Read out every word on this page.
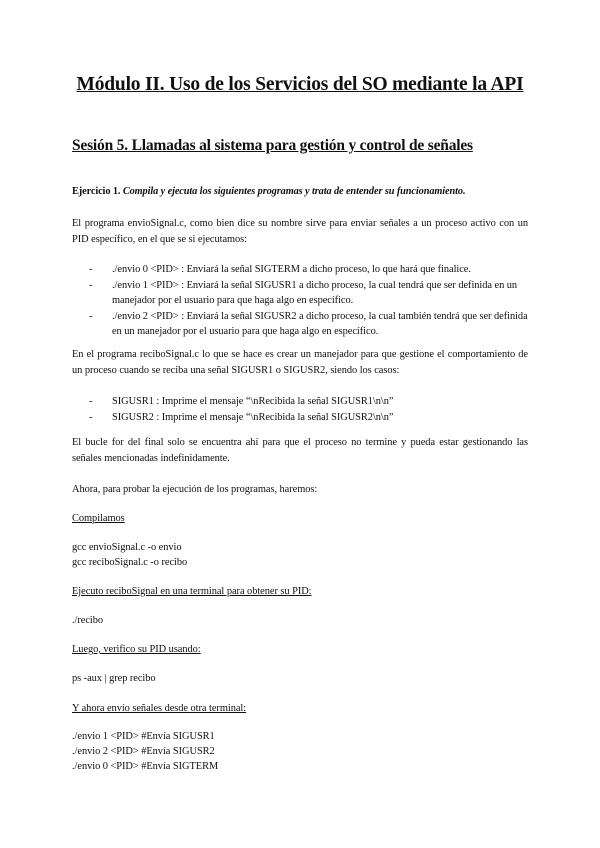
Módulo II. Uso de los Servicios del SO mediante la API
Sesión 5. Llamadas al sistema para gestión y control de señales
Ejercicio 1. Compila y ejecuta los siguientes programas y trata de entender su funcionamiento.
El programa envioSignal.c, como bien dice su nombre sirve para enviar señales a un proceso activo con un PID específico, en el que se si ejecutamos:
- ./envio 0 <PID> : Enviará la señal SIGTERM a dicho proceso, lo que hará que finalice.
- ./envio 1 <PID> : Enviará la señal SIGUSR1 a dicho proceso, la cual tendrá que ser definida en un manejador por el usuario para que haga algo en específico.
- ./envio 2 <PID> : Enviará la señal SIGUSR2 a dicho proceso, la cual también tendrá que ser definida en un manejador por el usuario para que haga algo en específico.
En el programa reciboSignal.c lo que se hace es crear un manejador para que gestione el comportamiento de un proceso cuando se reciba una señal SIGUSR1 o SIGUSR2, siendo los casos:
- SIGUSR1 : Imprime el mensaje “\nRecibida la señal SIGUSR1\n\n”
- SIGUSR2 : Imprime el mensaje “\nRecibida la señal SIGUSR2\n\n”
El bucle for del final solo se encuentra ahí para que el proceso no termine y pueda estar gestionando las señales mencionadas indefinidamente.
Ahora, para probar la ejecución de los programas, haremos:
Compilamos
gcc envioSignal.c -o envio
gcc reciboSignal.c -o recibo
Ejecuto reciboSignal en una terminal para obtener su PID:
./recibo
Luego, verifico su PID usando:
ps -aux | grep recibo
Y ahora envío señales desde otra terminal:
./envio 1 <PID> #Envía SIGUSR1
./envio 2 <PID> #Envía SIGUSR2
./envio 0 <PID> #Envía SIGTERM
